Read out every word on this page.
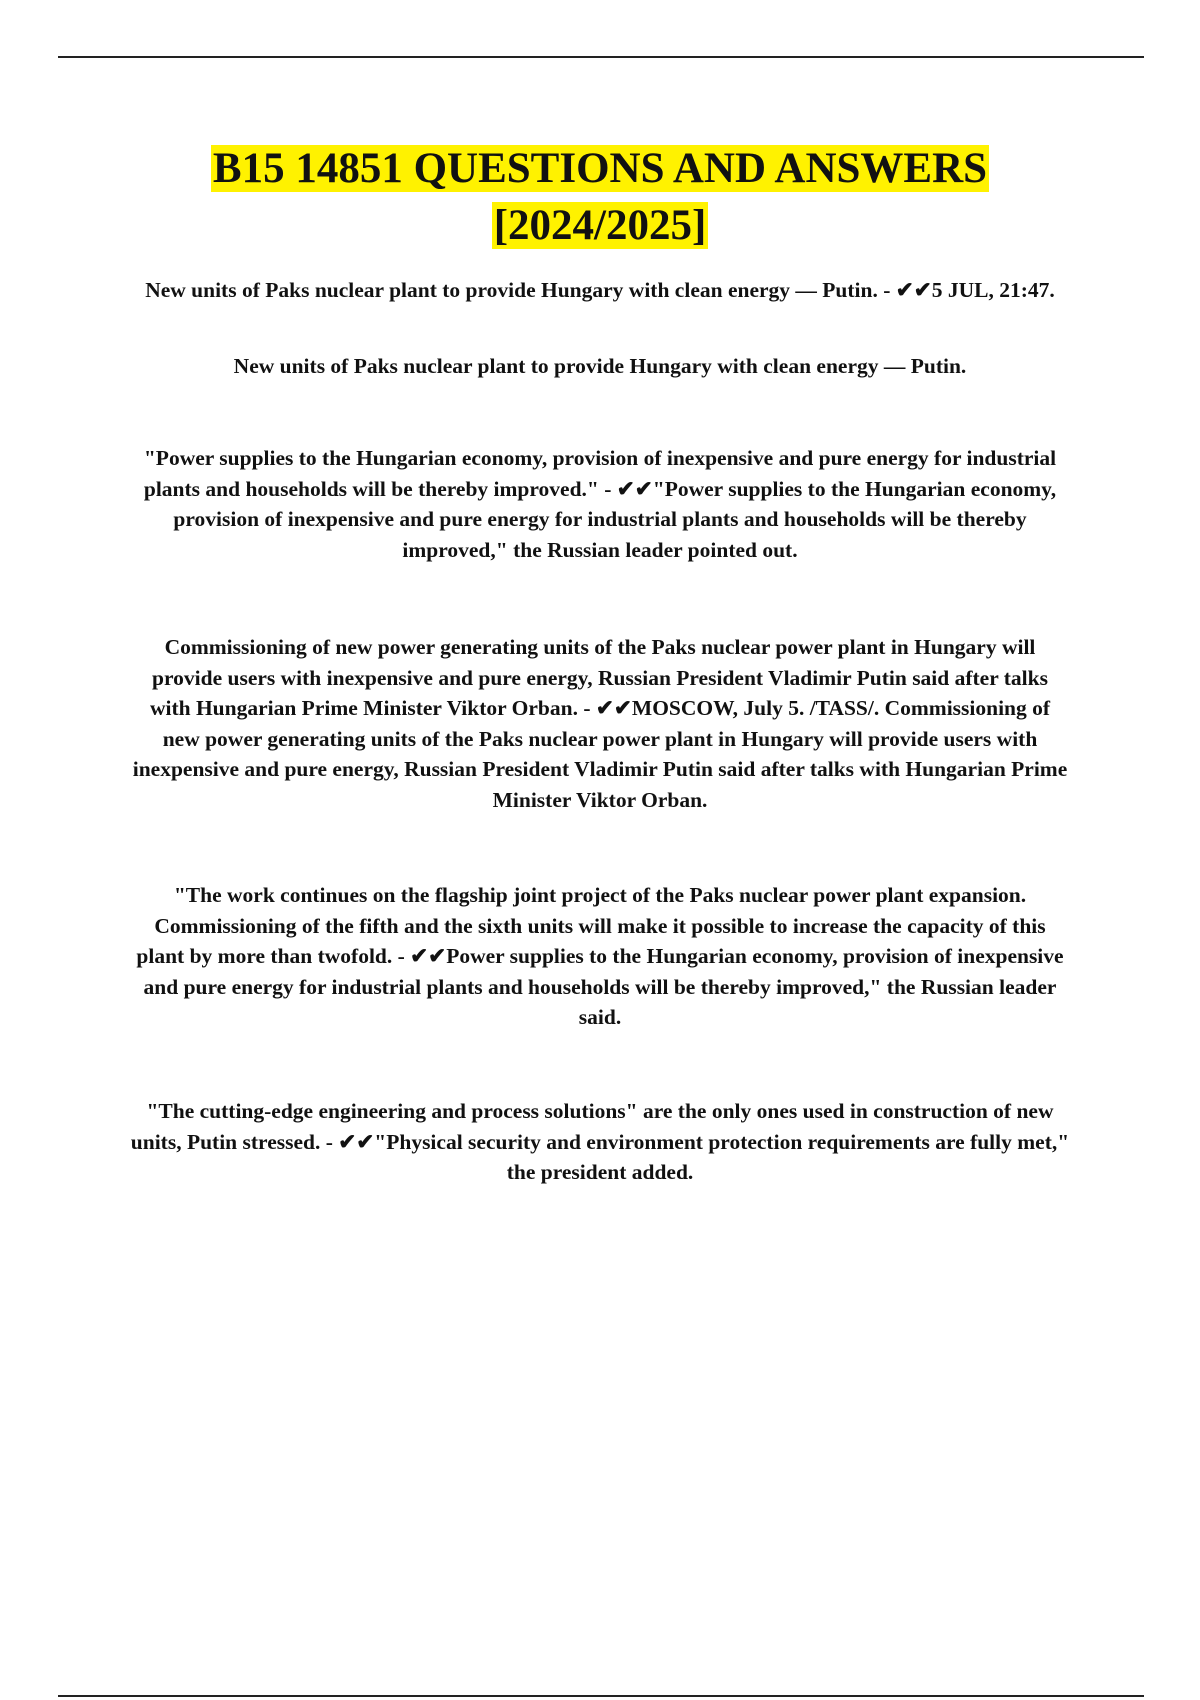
B15 14851 QUESTIONS AND ANSWERS
[2024/2025]

New units of Paks nuclear plant to provide Hungary with clean energy — Putin. - ✔✔5 JUL, 21:47.

New units of Paks nuclear plant to provide Hungary with clean energy — Putin.

"Power supplies to the Hungarian economy, provision of inexpensive and pure energy for industrial plants and households will be thereby improved." - ✔✔"Power supplies to the Hungarian economy, provision of inexpensive and pure energy for industrial plants and households will be thereby improved," the Russian leader pointed out.

Commissioning of new power generating units of the Paks nuclear power plant in Hungary will provide users with inexpensive and pure energy, Russian President Vladimir Putin said after talks with Hungarian Prime Minister Viktor Orban. - ✔✔MOSCOW, July 5. /TASS/. Commissioning of new power generating units of the Paks nuclear power plant in Hungary will provide users with inexpensive and pure energy, Russian President Vladimir Putin said after talks with Hungarian Prime Minister Viktor Orban.

"The work continues on the flagship joint project of the Paks nuclear power plant expansion. Commissioning of the fifth and the sixth units will make it possible to increase the capacity of this plant by more than twofold. - ✔✔Power supplies to the Hungarian economy, provision of inexpensive and pure energy for industrial plants and households will be thereby improved," the Russian leader said.

"The cutting-edge engineering and process solutions" are the only ones used in construction of new units, Putin stressed. - ✔✔"Physical security and environment protection requirements are fully met," the president added.
